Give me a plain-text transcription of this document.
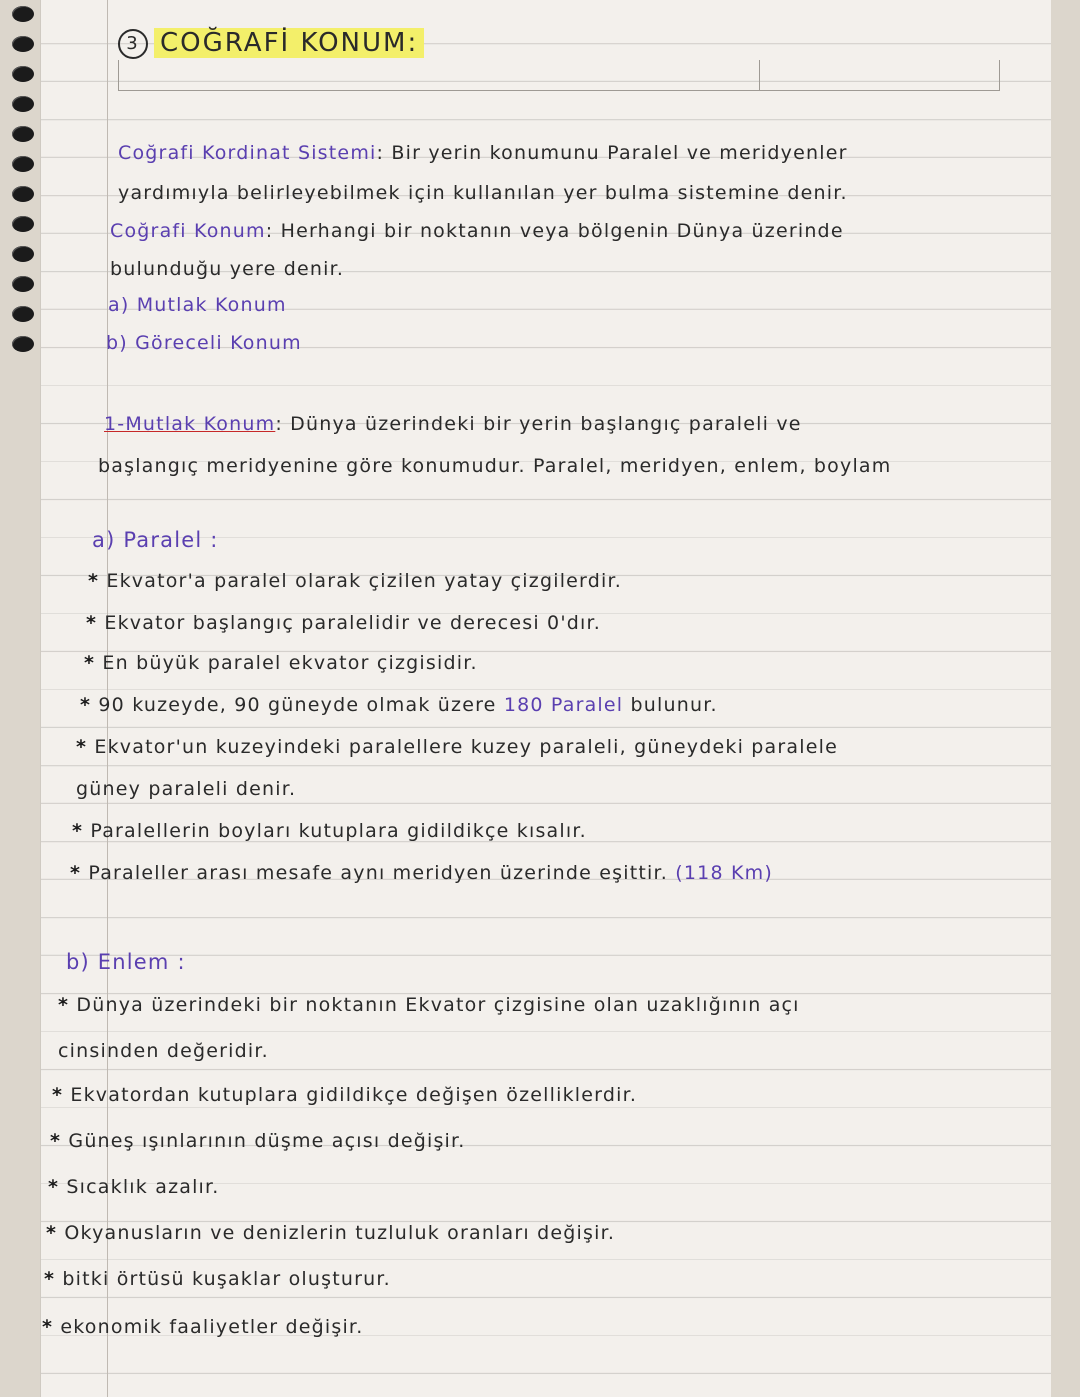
3 COĞRAFİ KONUM:
Coğrafi Kordinat Sistemi: Bir yerin konumunu Paralel ve meridyenler
yardımıyla belirleyebilmek için kullanılan yer bulma sistemine denir.
Coğrafi Konum: Herhangi bir noktanın veya bölgenin Dünya üzerinde
bulunduğu yere denir.
a) Mutlak Konum
b) Göreceli Konum
1-Mutlak Konum: Dünya üzerindeki bir yerin başlangıç paraleli ve
başlangıç meridyenine göre konumudur. Paralel, meridyen, enlem, boylam
a) Paralel :
* Ekvator'a paralel olarak çizilen yatay çizgilerdir.
* Ekvator başlangıç paralelidir ve derecesi 0'dır.
* En büyük paralel ekvator çizgisidir.
* 90 kuzeyde, 90 güneyde olmak üzere 180 Paralel bulunur.
* Ekvator'un kuzeyindeki paralellere kuzey paraleli, güneydeki paralele
güney paraleli denir.
* Paralellerin boyları kutuplara gidildikçe kısalır.
* Paraleller arası mesafe aynı meridyen üzerinde eşittir. (118 Km)
b) Enlem :
* Dünya üzerindeki bir noktanın Ekvator çizgisine olan uzaklığının açı
cinsinden değeridir.
* Ekvatordan kutuplara gidildikçe değişen özelliklerdir.
* Güneş ışınlarının düşme açısı değişir.
* Sıcaklık azalır.
* Okyanusların ve denizlerin tuzluluk oranları değişir.
* bitki örtüsü kuşaklar oluşturur.
* ekonomik faaliyetler değişir.
